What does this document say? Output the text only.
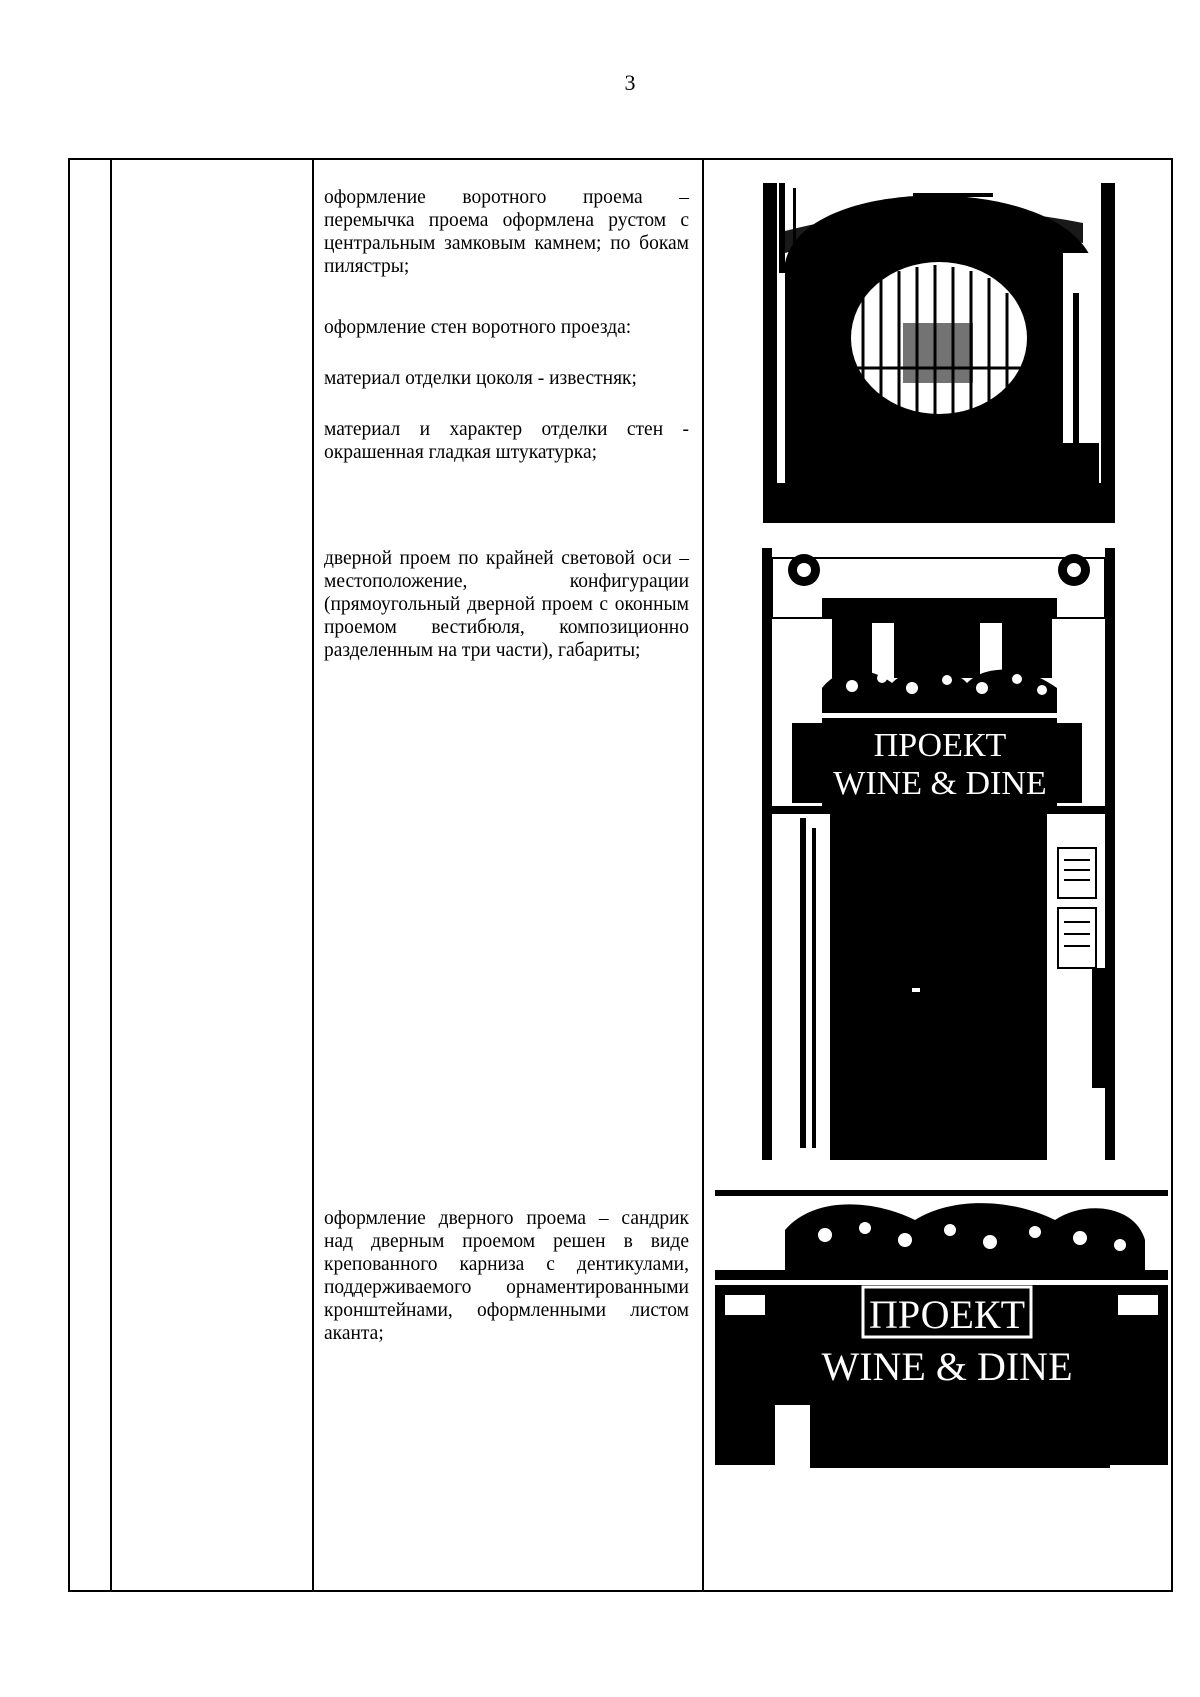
3

оформление воротного проема – перемычка проема оформлена рустом с центральным замковым камнем; по бокам пилястры;

оформление стен воротного проезда:

материал отделки цоколя - известняк;

материал и характер отделки стен - окрашенная гладкая штукатурка;

дверной проем по крайней световой оси – местоположение, конфигурации (прямоугольный дверной проем с оконным проемом вестибюля, композиционно разделенным на три части), габариты;

оформление дверного проема – сандрик над дверным проемом решен в виде крепованного карниза с дентикулами, поддерживаемого орнаментированными кронштейнами, оформленными листом аканта;

ПРОЕКТ
WINE & DINE
ПРОЕКТ
WINE & DINE
